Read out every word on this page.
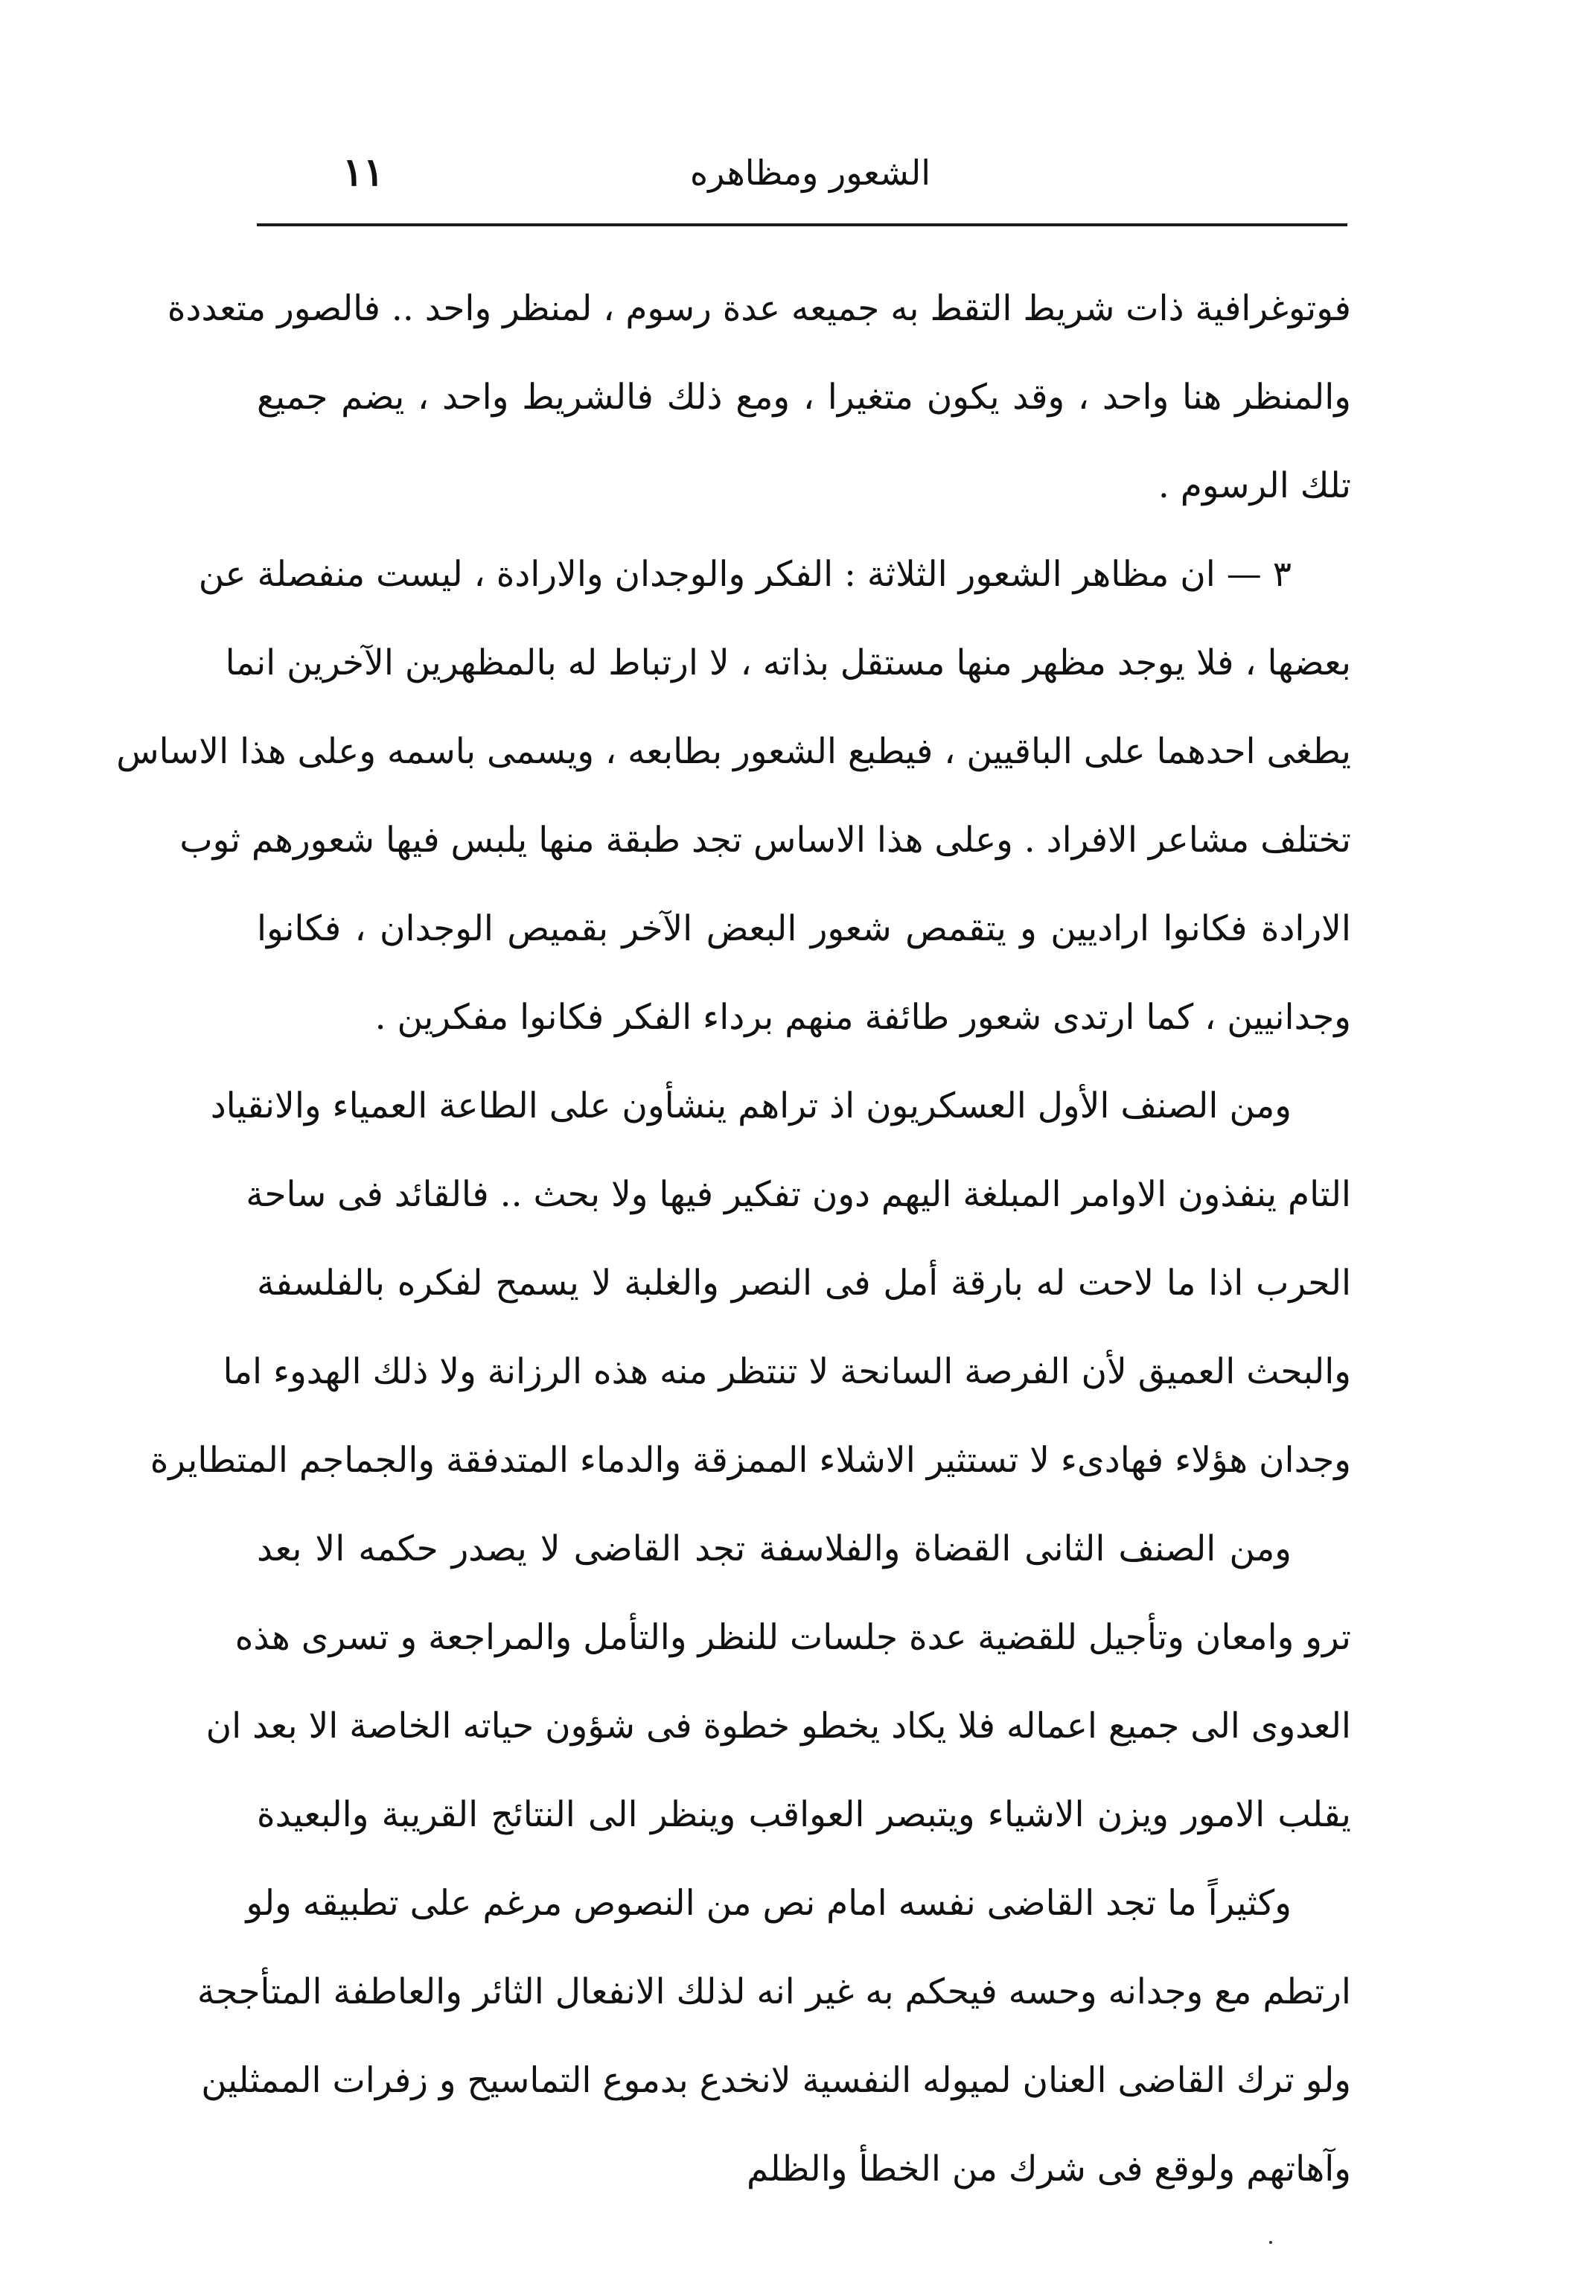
الشعور ومظاهره
١١
فوتوغرافية ذات شريط التقط به جميعه عدة رسوم ، لمنظر واحد .. فالصور متعددة
والمنظر هنا واحد ، وقد يكون متغيرا ، ومع ذلك فالشريط واحد ، يضم جميع
تلك الرسوم .
٣ — ان مظاهر الشعور الثلاثة : الفكر والوجدان والارادة ، ليست منفصلة عن
بعضها ، فلا يوجد مظهر منها مستقل بذاته ، لا ارتباط له بالمظهرين الآخرين انما
يطغى احدهما على الباقيين ، فيطبع الشعور بطابعه ، ويسمى باسمه وعلى هذا الاساس
تختلف مشاعر الافراد . وعلى هذا الاساس تجد طبقة منها يلبس فيها شعورهم ثوب
الارادة فكانوا اراديين و يتقمص شعور البعض الآخر بقميص الوجدان ، فكانوا
وجدانيين ، كما ارتدى شعور طائفة منهم برداء الفكر فكانوا مفكرين .
ومن الصنف الأول العسكريون اذ تراهم ينشأون على الطاعة العمياء والانقياد
التام ينفذون الاوامر المبلغة اليهم دون تفكير فيها ولا بحث .. فالقائد فى ساحة
الحرب اذا ما لاحت له بارقة أمل فى النصر والغلبة لا يسمح لفكره بالفلسفة
والبحث العميق لأن الفرصة السانحة لا تنتظر منه هذه الرزانة ولا ذلك الهدوء اما
وجدان هؤلاء فهادىء لا تستثير الاشلاء الممزقة والدماء المتدفقة والجماجم المتطايرة
ومن الصنف الثانى القضاة والفلاسفة تجد القاضى لا يصدر حكمه الا بعد
ترو وامعان وتأجيل للقضية عدة جلسات للنظر والتأمل والمراجعة و تسرى هذه
العدوى الى جميع اعماله فلا يكاد يخطو خطوة فى شؤون حياته الخاصة الا بعد ان
يقلب الامور ويزن الاشياء ويتبصر العواقب وينظر الى النتائج القريبة والبعيدة
وكثيراً ما تجد القاضى نفسه امام نص من النصوص مرغم على تطبيقه ولو
ارتطم مع وجدانه وحسه فيحكم به غير انه لذلك الانفعال الثائر والعاطفة المتأججة
ولو ترك القاضى العنان لميوله النفسية لانخدع بدموع التماسيح و زفرات الممثلين
وآهاتهم ولوقع فى شرك من الخطأ والظلم
